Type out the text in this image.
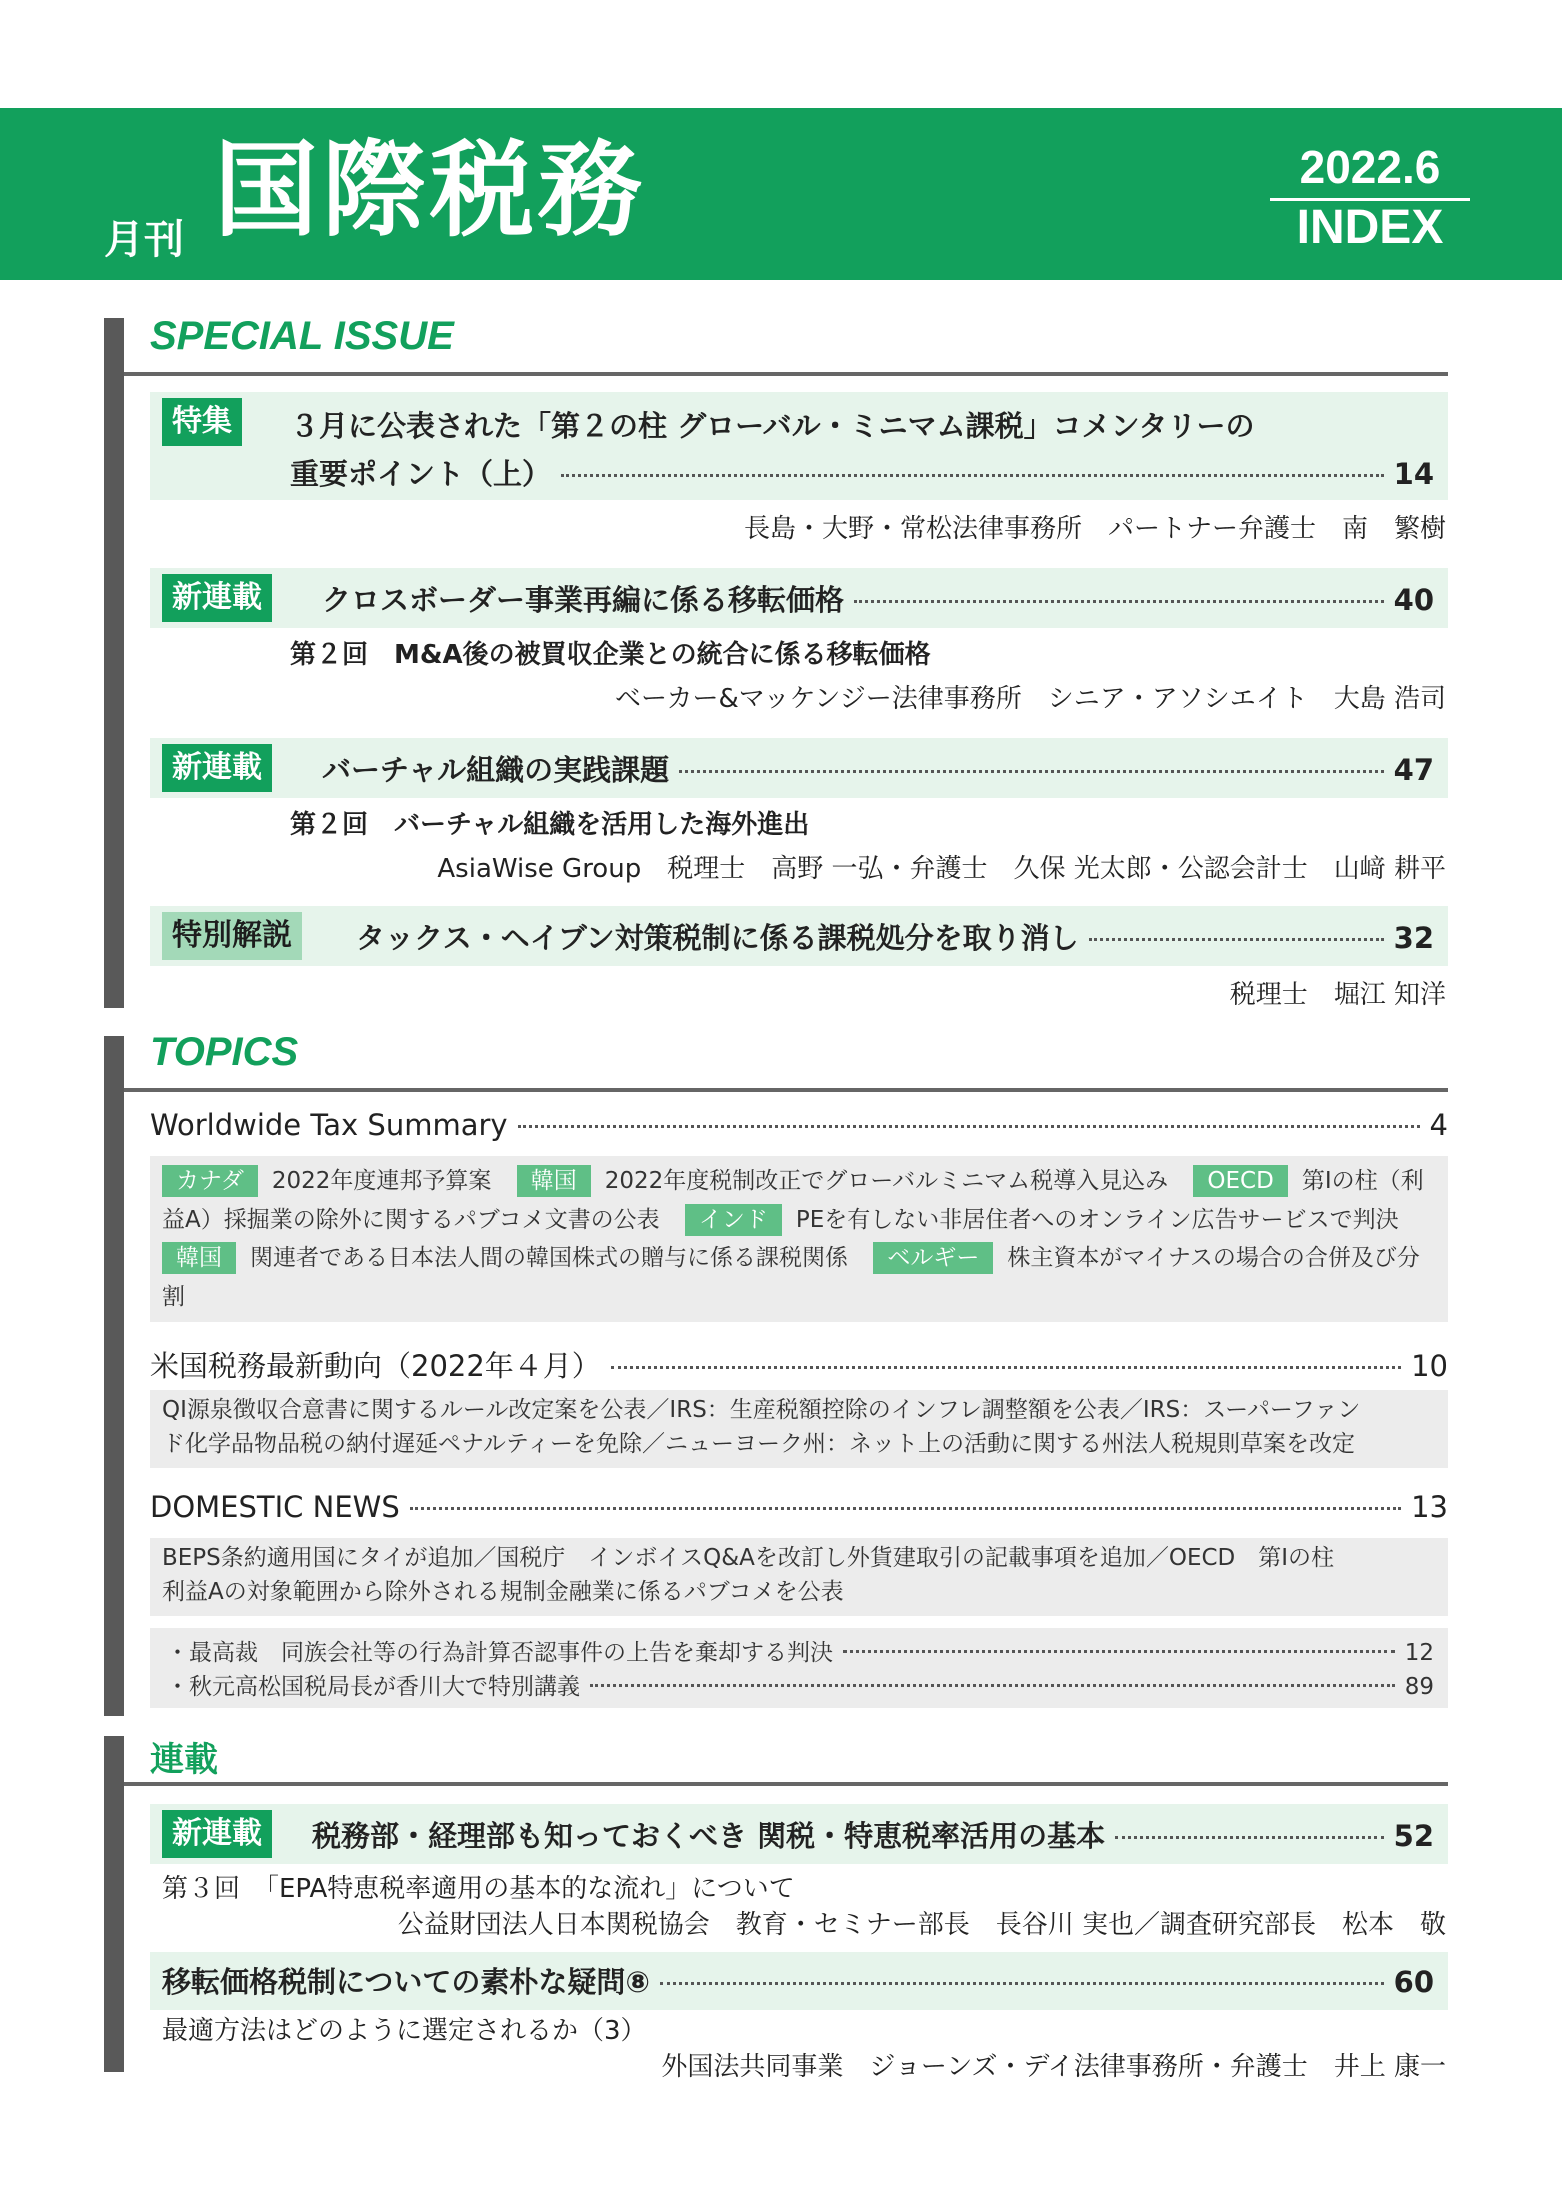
月刊 国際税務	2022.6
INDEX
SPECIAL ISSUE
特集	３月に公表された「第２の柱 グローバル・ミニマム課税」コメンタリーの
重要ポイント（上）	14
長島・大野・常松法律事務所　パートナー弁護士　南　繁樹
新連載	クロスボーダー事業再編に係る移転価格	40
第２回　M&A後の被買収企業との統合に係る移転価格
ベーカー&マッケンジー法律事務所　シニア・アソシエイト　大島 浩司
新連載	バーチャル組織の実践課題	47
第２回　バーチャル組織を活用した海外進出
AsiaWise Group　税理士　高野 一弘・弁護士　久保 光太郎・公認会計士　山﨑 耕平
特別解説	タックス・ヘイブン対策税制に係る課税処分を取り消し	32
税理士　堀江 知洋
TOPICS
Worldwide Tax Summary	4
カナダ 2022年度連邦予算案 韓国 2022年度税制改正でグローバルミニマム税導入見込み OECD 第Ⅰの柱（利益A）採掘業の除外に関するパブコメ文書の公表 インド PEを有しない非居住者へのオンライン広告サービスで判決 韓国 関連者である日本法人間の韓国株式の贈与に係る課税関係 ベルギー 株主資本がマイナスの場合の合併及び分割
米国税務最新動向（2022年４月）	10
QI源泉徴収合意書に関するルール改定案を公表／IRS：生産税額控除のインフレ調整額を公表／IRS：スーパーファン
ド化学品物品税の納付遅延ペナルティーを免除／ニューヨーク州：ネット上の活動に関する州法人税規則草案を改定
DOMESTIC NEWS	13
BEPS条約適用国にタイが追加／国税庁　インボイスQ&Aを改訂し外貨建取引の記載事項を追加／OECD　第Ⅰの柱
利益Aの対象範囲から除外される規制金融業に係るパブコメを公表
・最高裁　同族会社等の行為計算否認事件の上告を棄却する判決	12
・秋元高松国税局長が香川大で特別講義	89
連載
新連載	税務部・経理部も知っておくべき 関税・特恵税率活用の基本	52
第３回　「EPA特恵税率適用の基本的な流れ」について
公益財団法人日本関税協会　教育・セミナー部長　長谷川 実也／調査研究部長　松本　敬
移転価格税制についての素朴な疑問⑧	60
最適方法はどのように選定されるか（3）
外国法共同事業　ジョーンズ・デイ法律事務所・弁護士　井上 康一
